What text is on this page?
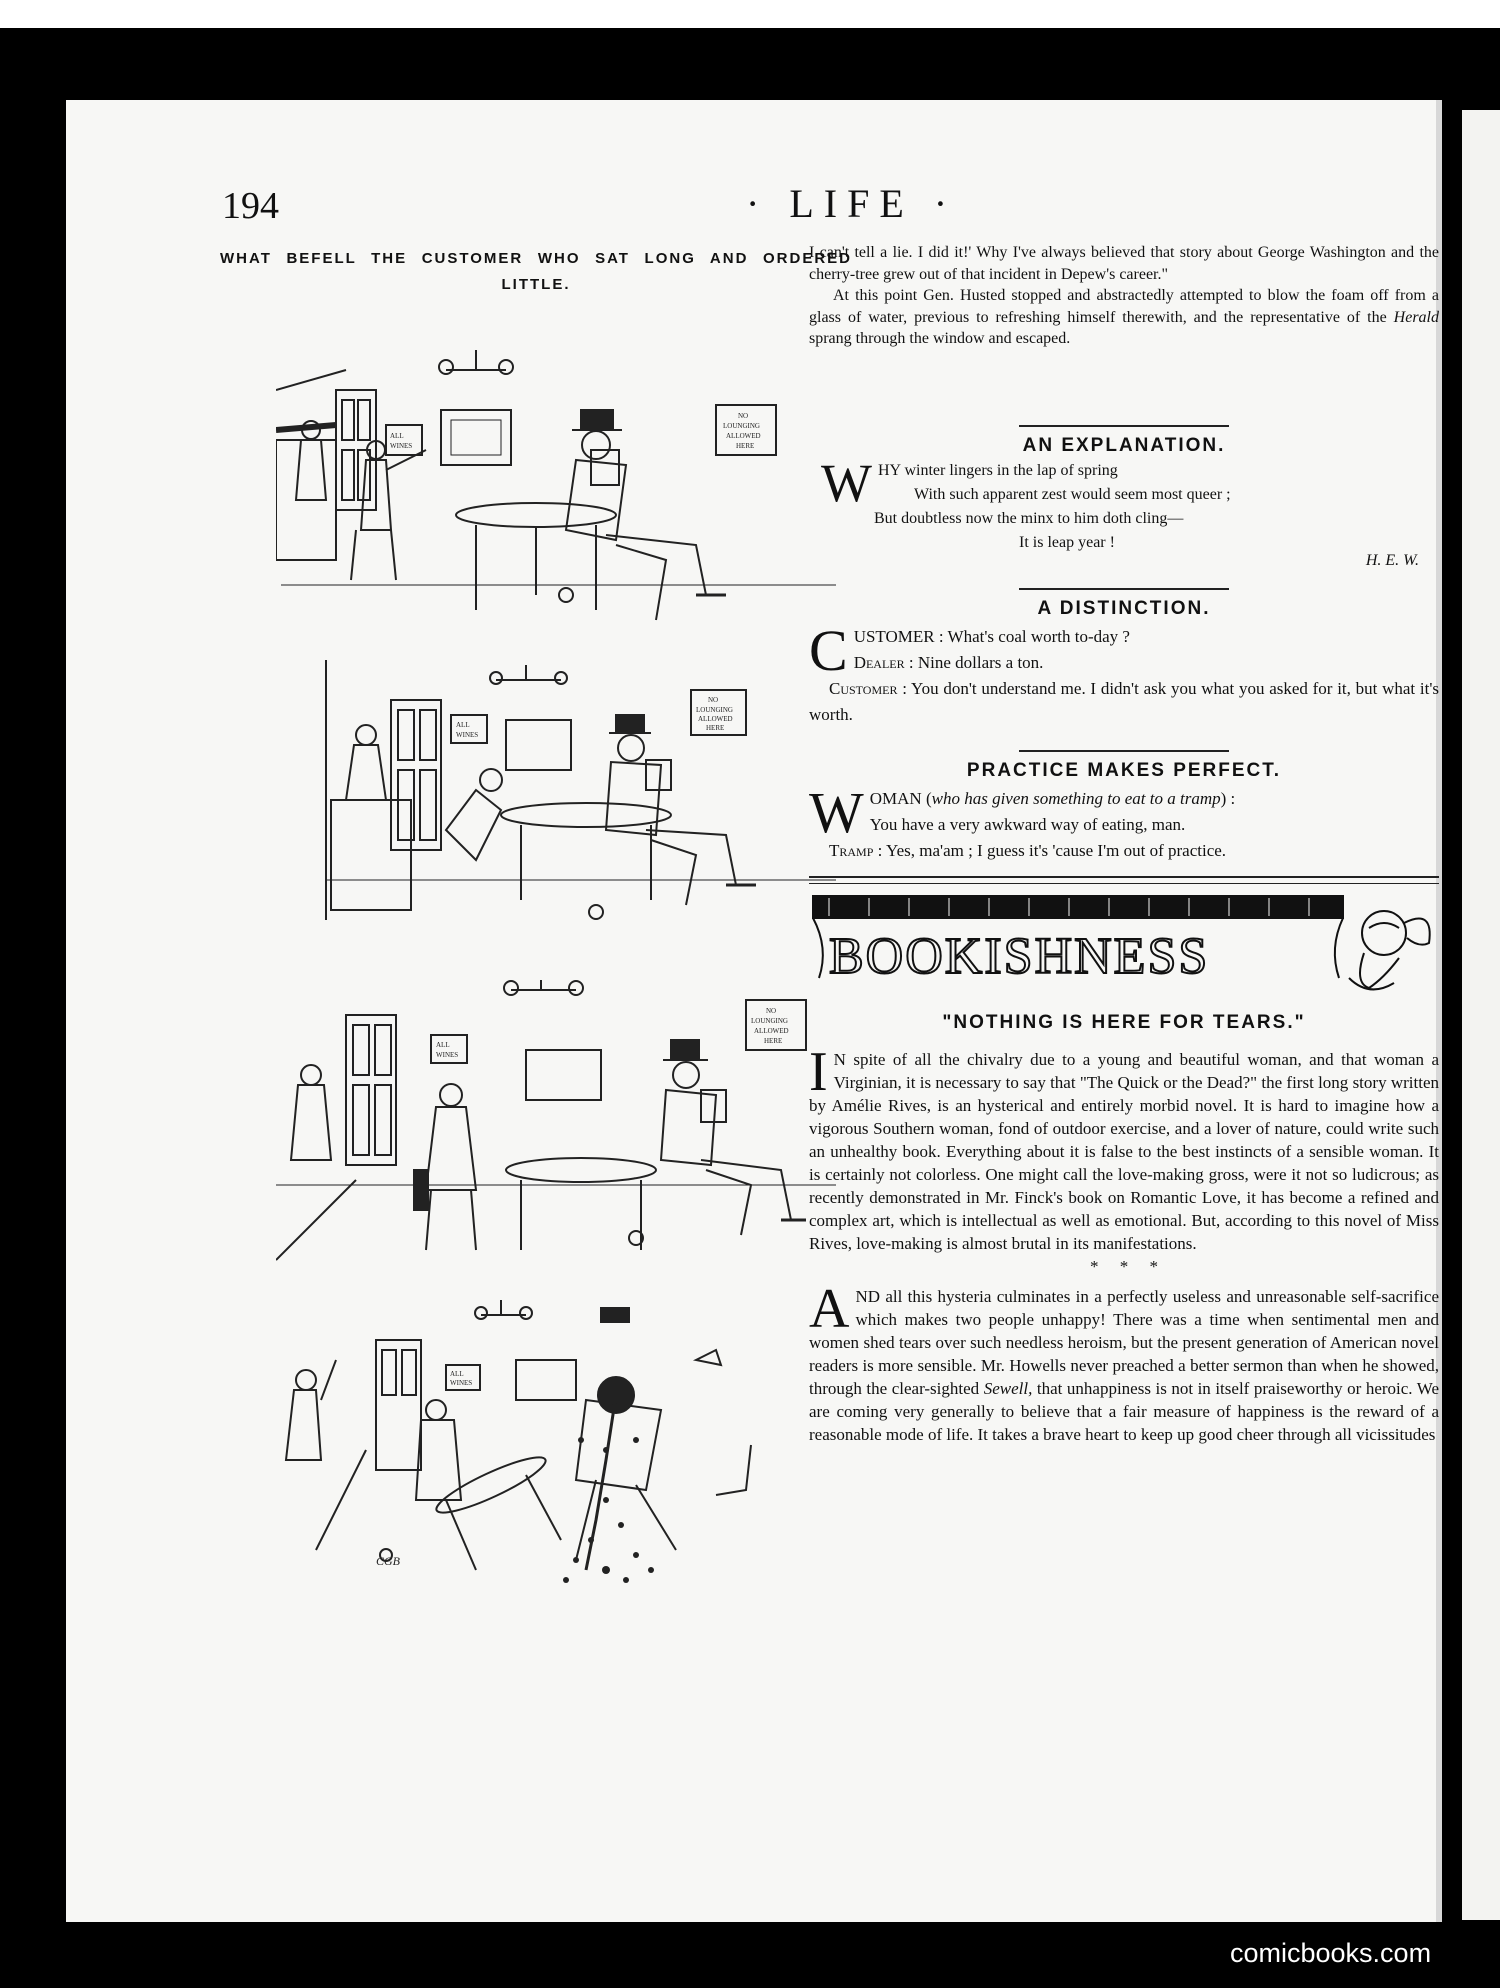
194	· LIFE ·
WHAT BEFELL THE CUSTOMER WHO SAT LONG AND ORDERED LITTLE.
ALL
WINES
NO
LOUNGING
ALLOWED
HERE
ALL
WINES
NO
LOUNGING
ALLOWED
HERE
ALL
WINES
NO
LOUNGING
ALLOWED
HERE
ALL
WINES
CGB

I can't tell a lie. I did it!' Why I've always believed that story about George Washington and the cherry-tree grew out of that incident in Depew's career."

At this point Gen. Husted stopped and abstractedly attempted to blow the foam off from a glass of water, previous to refreshing himself therewith, and the representative of the Herald sprang through the window and escaped.

AN EXPLANATION.

WHY winter lingers in the lap of spring
With such apparent zest would seem most queer ;
But doubtless now the minx to him doth cling—
It is leap year !
H. E. W.

A DISTINCTION.

CUSTOMER : What's coal worth to-day ?
Dealer : Nine dollars a ton.
Customer : You don't understand me. I didn't ask you what you asked for it, but what it's worth.

PRACTICE MAKES PERFECT.

WOMAN (who has given something to eat to a tramp) :
You have a very awkward way of eating, man.
Tramp : Yes, ma'am ; I guess it's 'cause I'm out of practice.
BOOKISHNESS

"NOTHING IS HERE FOR TEARS."

I N spite of all the chivalry due to a young and beautiful woman, and that woman a Virginian, it is necessary to say that "The Quick or the Dead?" the first long story written by Amélie Rives, is an hysterical and entirely morbid novel. It is hard to imagine how a vigorous Southern woman, fond of outdoor exercise, and a lover of nature, could write such an unhealthy book. Everything about it is false to the best instincts of a sensible woman. It is certainly not colorless. One might call the love-making gross, were it not so ludicrous; as recently demonstrated in Mr. Finck's book on Romantic Love, it has become a refined and complex art, which is intellectual as well as emotional. But, according to this novel of Miss Rives, love-making is almost brutal in its manifestations.

*     *     *

AND all this hysteria culminates in a perfectly useless and unreasonable self-sacrifice which makes two people unhappy! There was a time when sentimental men and women shed tears over such needless heroism, but the present generation of American novel readers is more sensible. Mr. Howells never preached a better sermon than when he showed, through the clear-sighted Sewell, that unhappiness is not in itself praiseworthy or heroic. We are coming very generally to believe that a fair measure of happiness is the reward of a reasonable mode of life. It takes a brave heart to keep up good cheer through all vicissitudes

comicbooks.com
